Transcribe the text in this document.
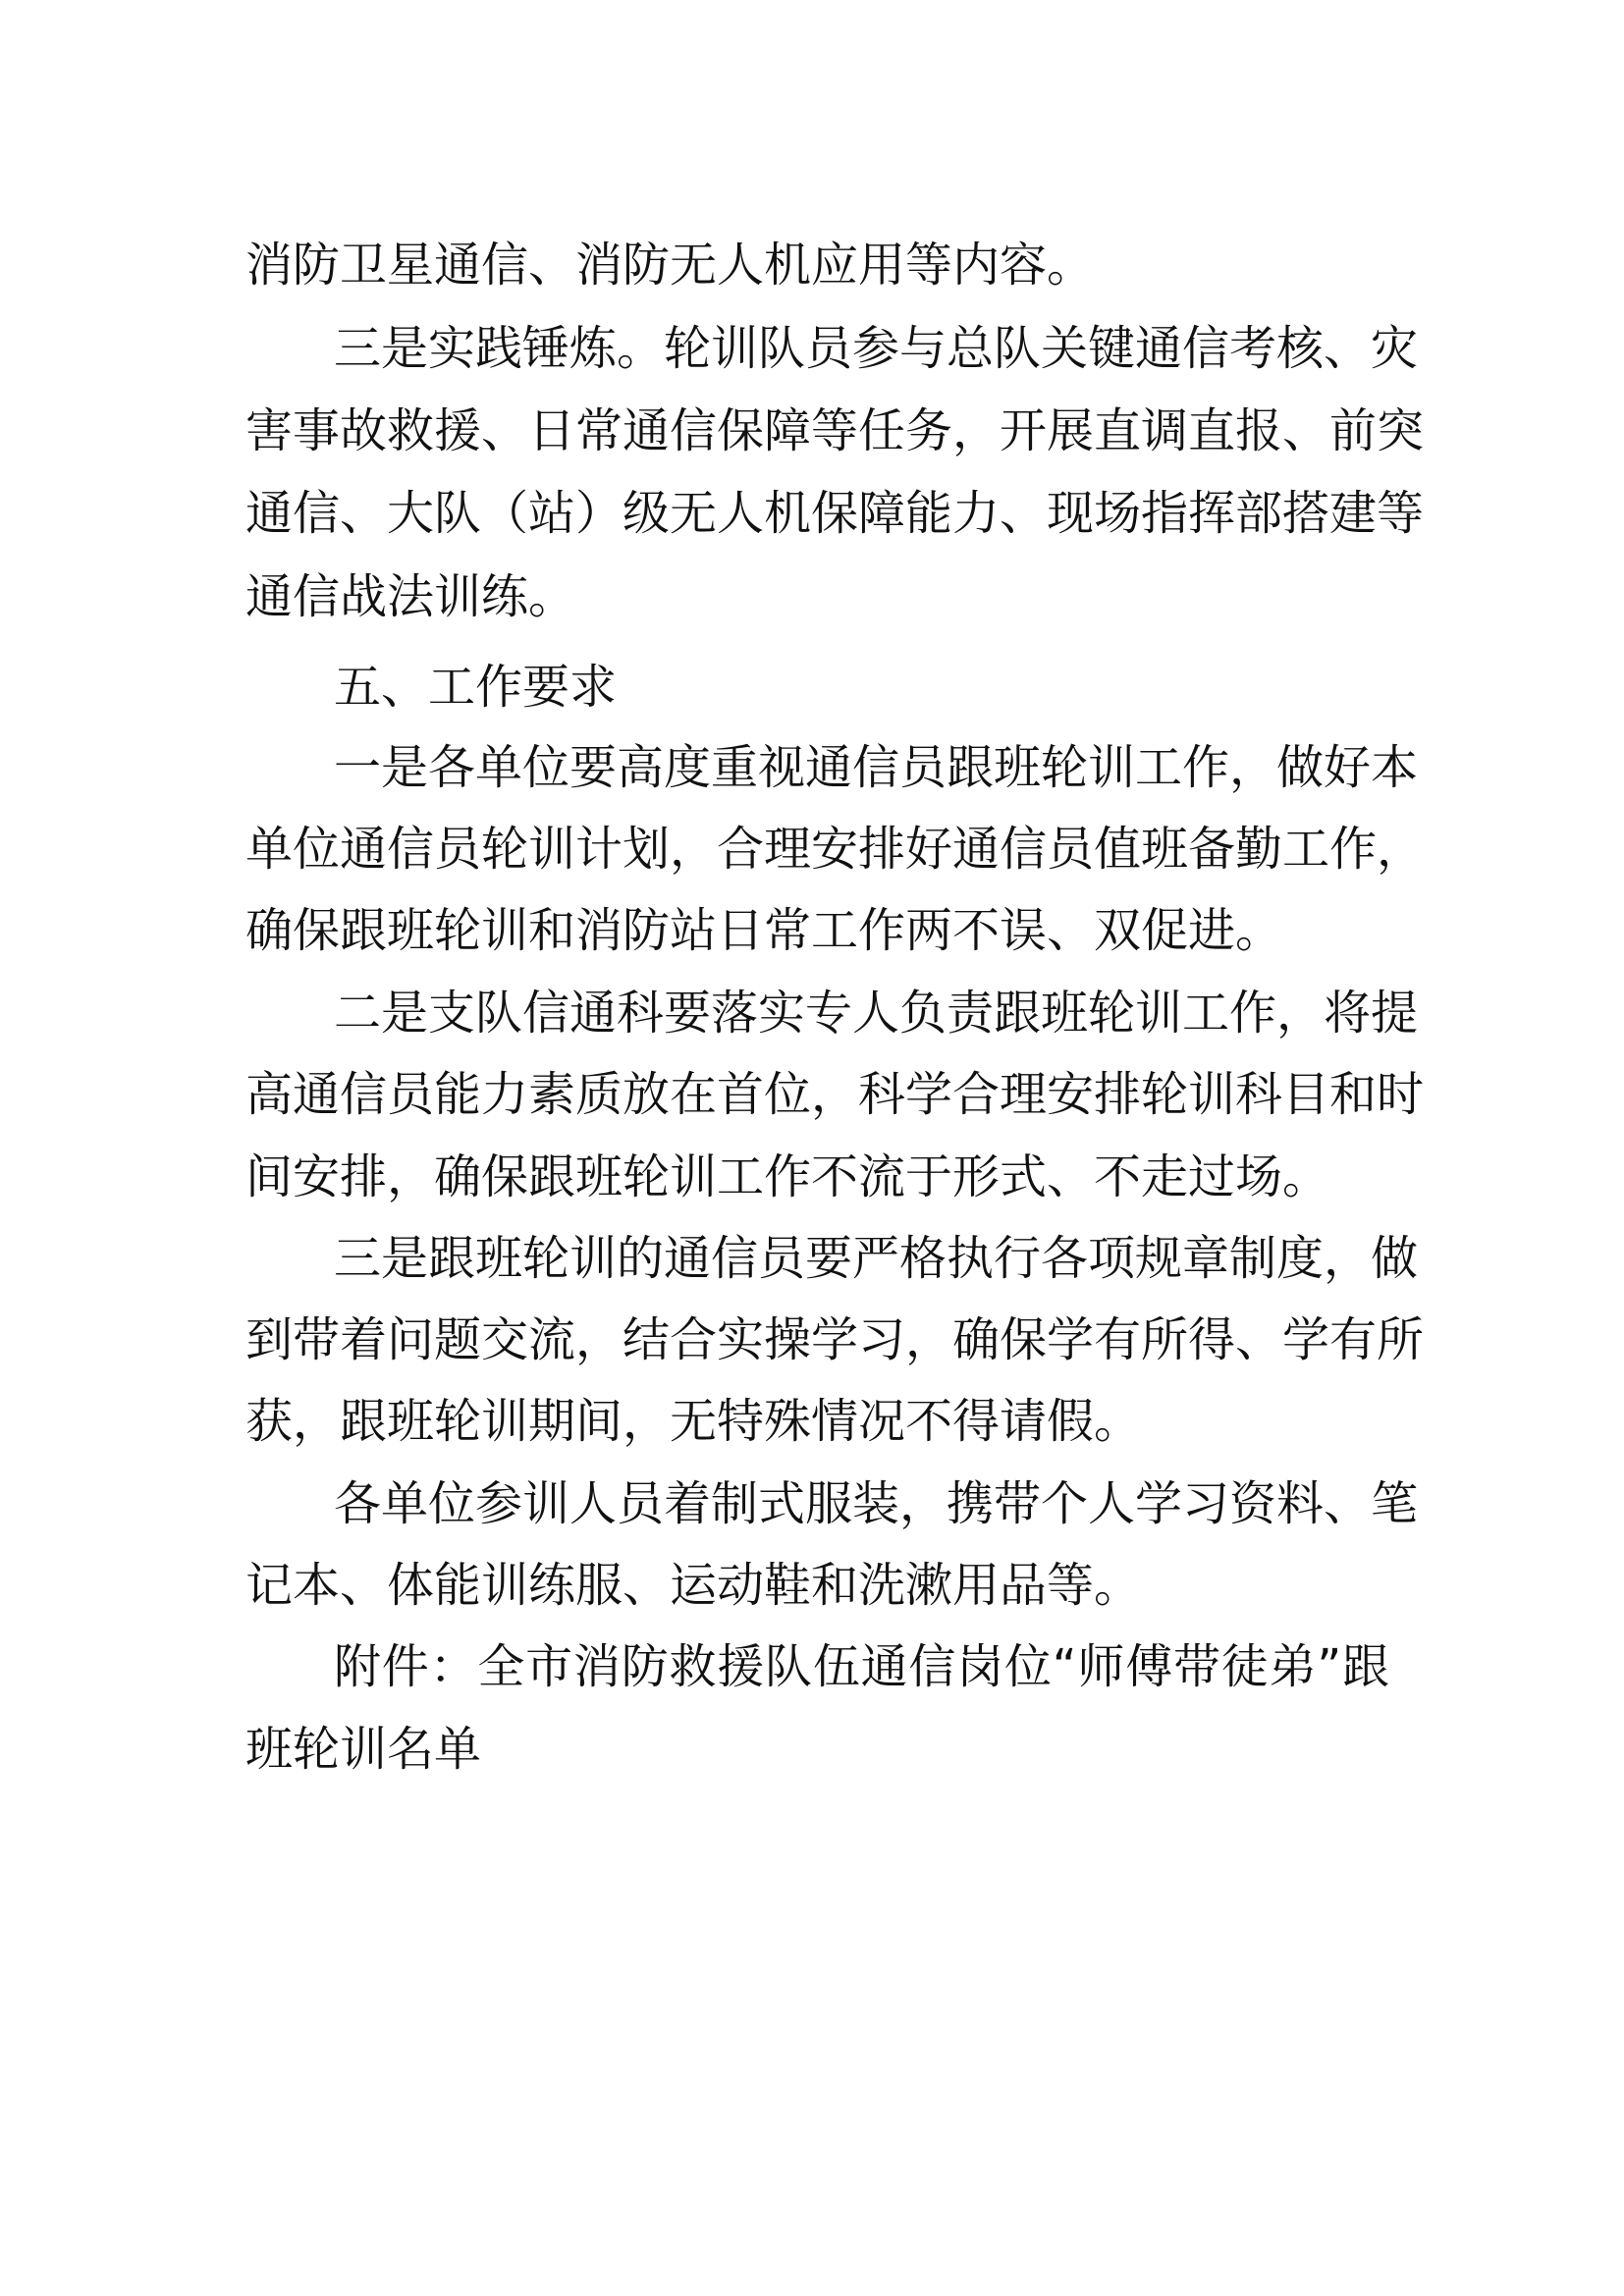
消防卫星通信、消防无人机应用等内容。
三是实践锤炼。轮训队员参与总队关键通信考核、灾
害事故救援、日常通信保障等任务，开展直调直报、前突
通信、大队（站）级无人机保障能力、现场指挥部搭建等
通信战法训练。
五、工作要求
一是各单位要高度重视通信员跟班轮训工作，做好本
单位通信员轮训计划，合理安排好通信员值班备勤工作，
确保跟班轮训和消防站日常工作两不误、双促进。
二是支队信通科要落实专人负责跟班轮训工作，将提
高通信员能力素质放在首位，科学合理安排轮训科目和时
间安排，确保跟班轮训工作不流于形式、不走过场。
三是跟班轮训的通信员要严格执行各项规章制度，做
到带着问题交流，结合实操学习，确保学有所得、学有所
获，跟班轮训期间，无特殊情况不得请假。
各单位参训人员着制式服装，携带个人学习资料、笔
记本、体能训练服、运动鞋和洗漱用品等。
附件：全市消防救援队伍通信岗位“师傅带徒弟”跟
班轮训名单
